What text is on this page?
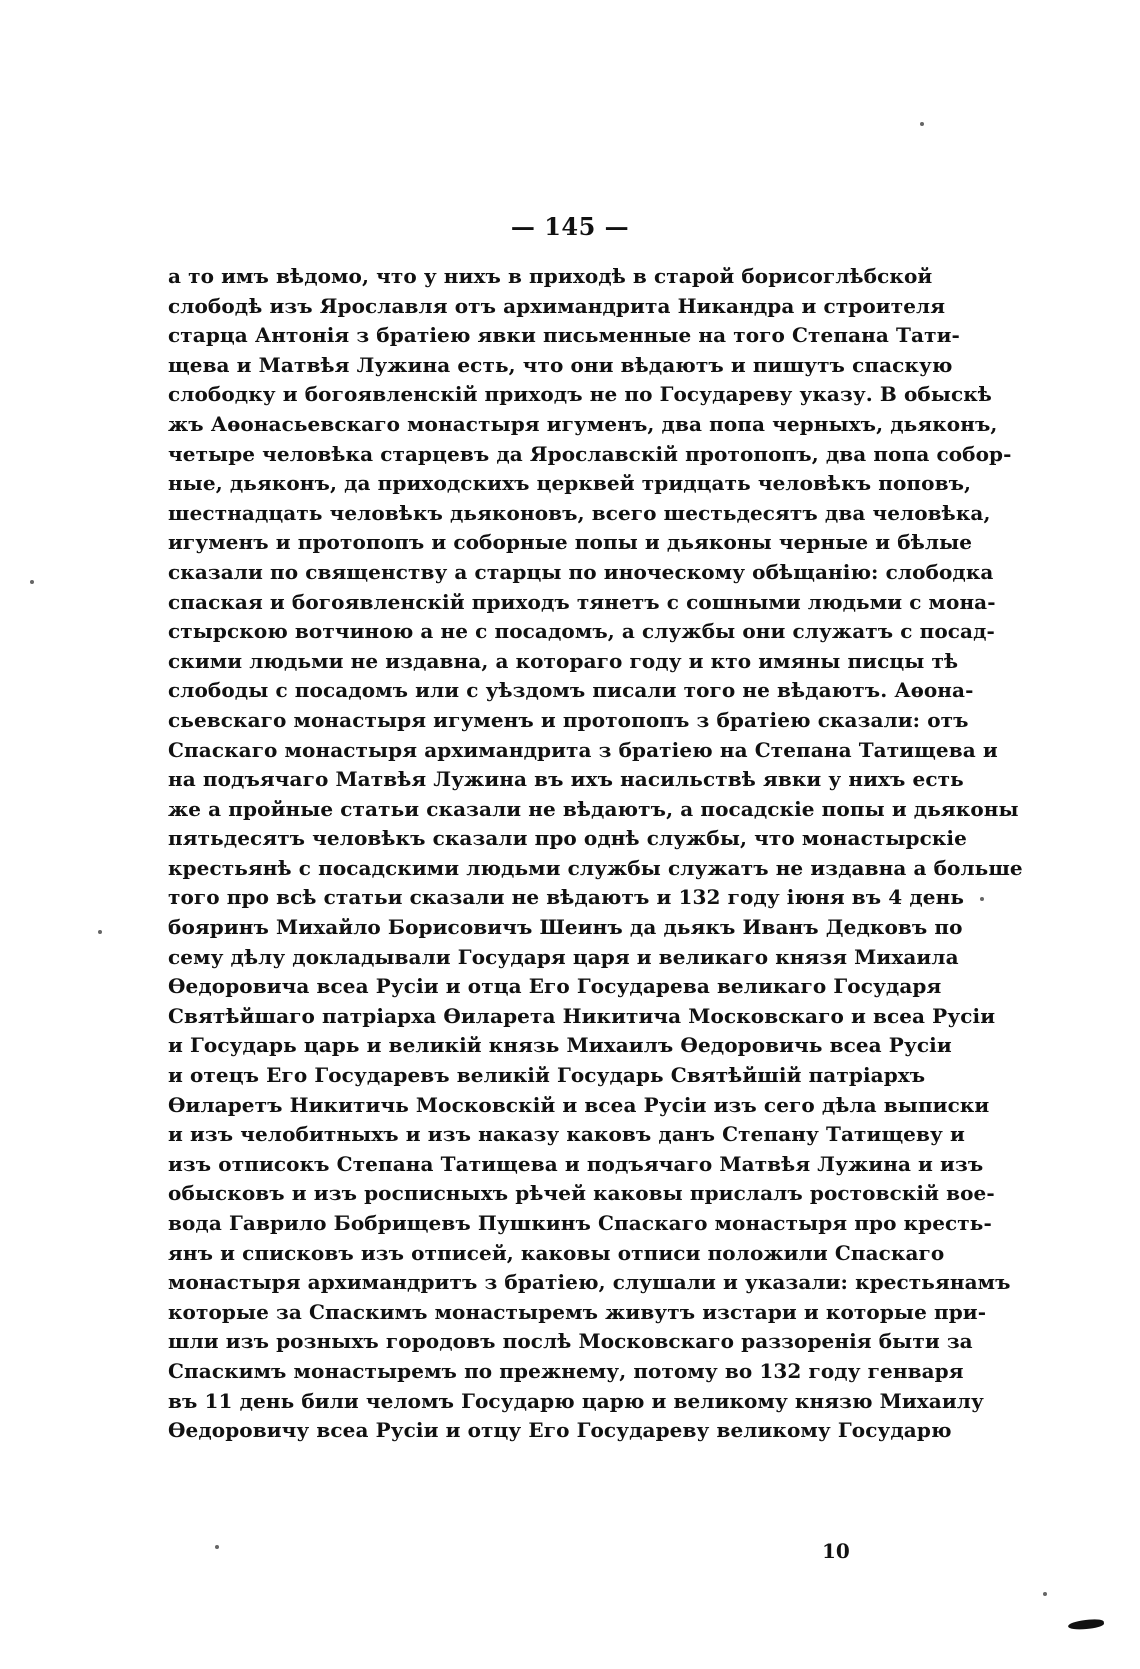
— 145 —
а то имъ вѣдомо, что у нихъ в приходѣ в старой борисоглѣбской
слободѣ изъ Ярославля отъ архимандрита Никандра и строителя
старца Антонія з братіею явки письменные на того Степана Тати-
щева и Матвѣя Лужина есть, что они вѣдаютъ и пишутъ спаскую
слободку и богоявленскій приходъ не по Государеву указу. В обыскѣ
жъ Аѳонасьевскаго монастыря игуменъ, два попа черныхъ, дьяконъ,
четыре человѣка старцевъ да Ярославскій протопопъ, два попа собор-
ные, дьяконъ, да приходскихъ церквей тридцать человѣкъ поповъ,
шестнадцать человѣкъ дьяконовъ, всего шестьдесятъ два человѣка,
игуменъ и протопопъ и соборные попы и дьяконы черные и бѣлые
сказали по священству а старцы по иноческому обѣщанію: слободка
спаская и богоявленскій приходъ тянетъ с сошными людьми с мона-
стырскою вотчиною а не с посадомъ, а службы они служатъ с посад-
скими людьми не издавна, а котораго году и кто имяны писцы тѣ
слободы с посадомъ или с уѣздомъ писали того не вѣдаютъ. Аѳона-
сьевскаго монастыря игуменъ и протопопъ з братіею сказали: отъ
Спаскаго монастыря архимандрита з братіею на Степана Татищева и
на подъячаго Матвѣя Лужина въ ихъ насильствѣ явки у нихъ есть
же а пройные статьи сказали не вѣдаютъ, а посадскіе попы и дьяконы
пятьдесятъ человѣкъ сказали про однѣ службы, что монастырскіе
крестьянѣ с посадскими людьми службы служатъ не издавна а больше
того про всѣ статьи сказали не вѣдаютъ и 132 году іюня въ 4 день
бояринъ Михайло Борисовичъ Шеинъ да дьякъ Иванъ Дедковъ по
сему дѣлу докладывали Государя царя и великаго князя Михаила
Ѳедоровича всеа Русіи и отца Его Государева великаго Государя
Святѣйшаго патріарха Ѳиларета Никитича Московскаго и всеа Русіи
и Государь царь и великій князь Михаилъ Ѳедоровичь всеа Русіи
и отецъ Его Государевъ великій Государь Святѣйшій патріархъ
Ѳиларетъ Никитичь Московскій и всеа Русіи изъ сего дѣла выписки
и изъ челобитныхъ и изъ наказу каковъ данъ Степану Татищеву и
изъ отписокъ Степана Татищева и подъячаго Матвѣя Лужина и изъ
обысковъ и изъ росписныхъ рѣчей каковы прислалъ ростовскій вое-
вода Гаврило Бобрищевъ Пушкинъ Спаскаго монастыря про кресть-
янъ и списковъ изъ отписей, каковы отписи положили Спаскаго
монастыря архимандритъ з братіею, слушали и указали: крестьянамъ
которые за Спаскимъ монастыремъ живутъ изстари и которые при-
шли изъ розныхъ городовъ послѣ Московскаго раззоренія быти за
Спаскимъ монастыремъ по прежнему, потому во 132 году генваря
въ 11 день били челомъ Государю царю и великому князю Михаилу
Ѳедоровичу всеа Русіи и отцу Его Государеву великому Государю
10
